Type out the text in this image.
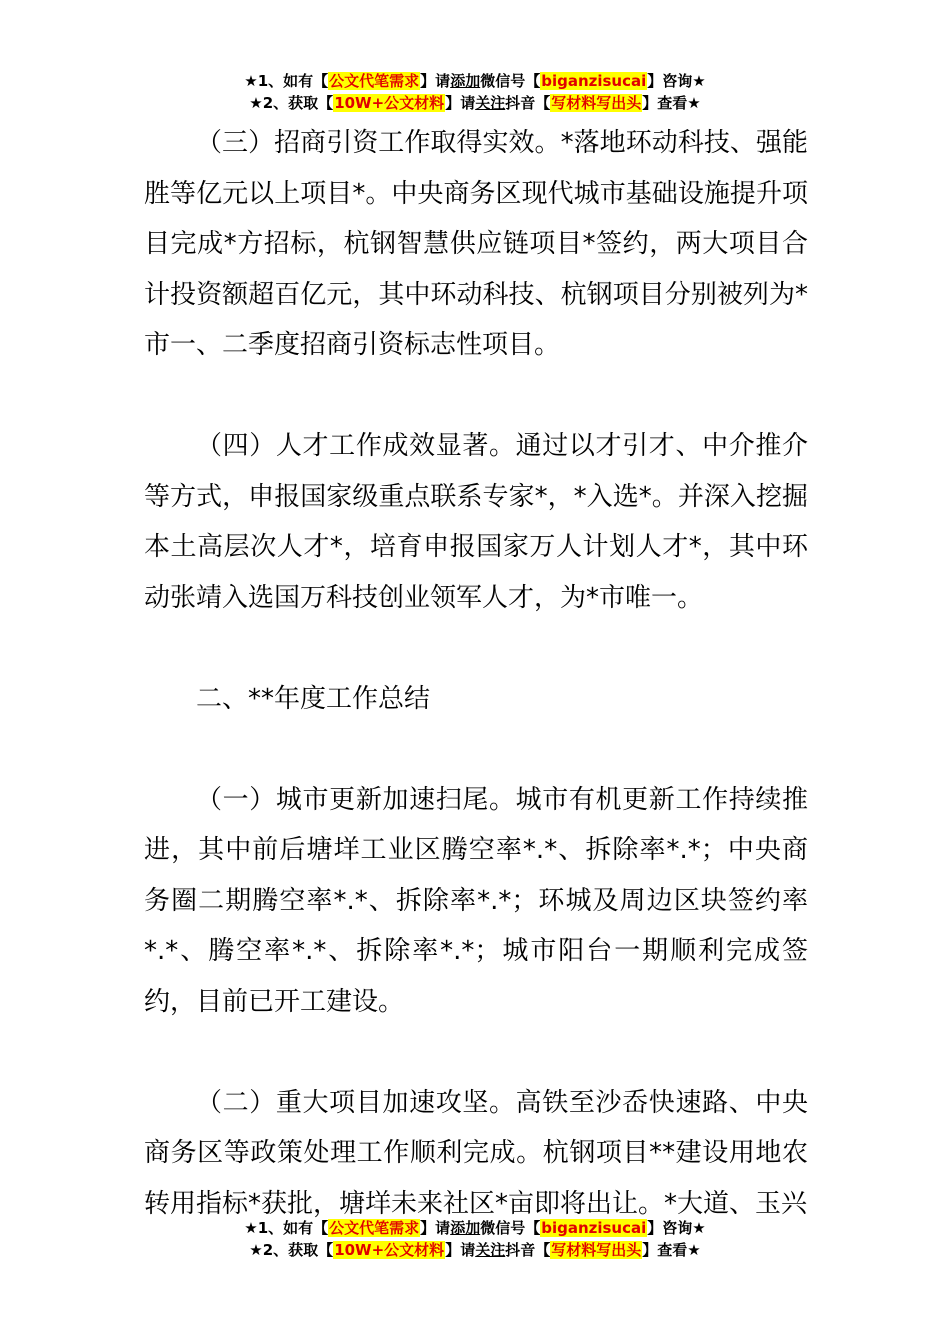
★1、如有【公文代笔需求】请添加微信号【biganzisucai】咨询★
★2、获取【10W+公文材料】请关注抖音【写材料写出头】查看★

（三）招商引资工作取得实效。*落地环动科技、强能胜等亿元以上项目*。中央商务区现代城市基础设施提升项目完成*方招标，杭钢智慧供应链项目*签约，两大项目合计投资额超百亿元，其中环动科技、杭钢项目分别被列为*市一、二季度招商引资标志性项目。

（四）人才工作成效显著。通过以才引才、中介推介等方式，申报国家级重点联系专家*，*入选*。并深入挖掘本土高层次人才*，培育申报国家万人计划人才*，其中环动张靖入选国万科技创业领军人才，为*市唯一。

二、**年度工作总结

（一）城市更新加速扫尾。城市有机更新工作持续推进，其中前后塘垟工业区腾空率*.*、拆除率*.*；中央商务圈二期腾空率*.*、拆除率*.*；环城及周边区块签约率*.*、腾空率*.*、拆除率*.*；城市阳台一期顺利完成签约，目前已开工建设。

（二）重大项目加速攻坚。高铁至沙岙快速路、中央商务区等政策处理工作顺利完成。杭钢项目**建设用地农转用指标*获批，塘垟未来社区*亩即将出让。*大道、玉兴

★1、如有【公文代笔需求】请添加微信号【biganzisucai】咨询★
★2、获取【10W+公文材料】请关注抖音【写材料写出头】查看★
